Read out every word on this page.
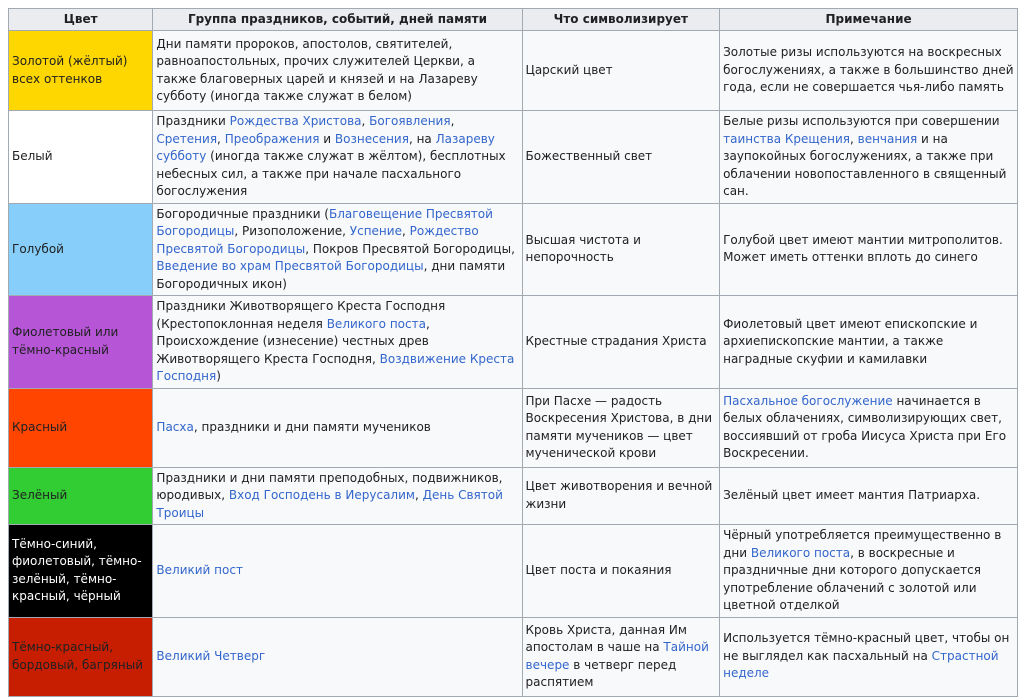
Цвет	Группа праздников, событий, дней памяти	Что символизирует	Примечание
Золотой (жёлтый) всех оттенков	Дни памяти пророков, апостолов, святителей, равноапостольных, прочих служителей Церкви, а также благоверных царей и князей и на Лазареву субботу (иногда также служат в белом)	Царский цвет	Золотые ризы используются на воскресных богослужениях, а также в большинство дней года, если не совершается чья-либо память
Белый	Праздники Рождества Христова, Богоявления, Сретения, Преображения и Вознесения, на Лазареву субботу (иногда также служат в жёлтом), бесплотных небесных сил, а также при начале пасхального богослужения	Божественный свет	Белые ризы используются при совершении таинства Крещения, венчания и на заупокойных богослужениях, а также при облачении новопоставленного в священный сан.
Голубой	Богородичные праздники (Благовещение Пресвятой Богородицы, Ризоположение, Успение, Рождество Пресвятой Богородицы, Покров Пресвятой Богородицы, Введение во храм Пресвятой Богородицы, дни памяти Богородичных икон)	Высшая чистота и непорочность	Голубой цвет имеют мантии митрополитов. Может иметь оттенки вплоть до синего
Фиолетовый или тёмно-красный	Праздники Животворящего Креста Господня (Крестопоклонная неделя Великого поста, Происхождение (изнесение) честных древ Животворящего Креста Господня, Воздвижение Креста Господня)	Крестные страдания Христа	Фиолетовый цвет имеют епископские и архиепископские мантии, а также наградные скуфии и камилавки
Красный	Пасха, праздники и дни памяти мучеников	При Пасхе — радость Воскресения Христова, в дни памяти мучеников — цвет мученической крови	Пасхальное богослужение начинается в белых облачениях, символизирующих свет, воссиявший от гроба Иисуса Христа при Его Воскресении.
Зелёный	Праздники и дни памяти преподобных, подвижников, юродивых, Вход Господень в Иерусалим, День Святой Троицы	Цвет животворения и вечной жизни	Зелёный цвет имеет мантия Патриарха.
Тёмно-синий, фиолетовый, тёмно-зелёный, тёмно-красный, чёрный	Великий пост	Цвет поста и покаяния	Чёрный употребляется преимущественно в дни Великого поста, в воскресные и праздничные дни которого допускается употребление облачений с золотой или цветной отделкой
Тёмно-красный, бордовый, багряный	Великий Четверг	Кровь Христа, данная Им апостолам в чаше на Тайной вечере в четверг перед распятием	Используется тёмно-красный цвет, чтобы он не выглядел как пасхальный на Страстной неделе
